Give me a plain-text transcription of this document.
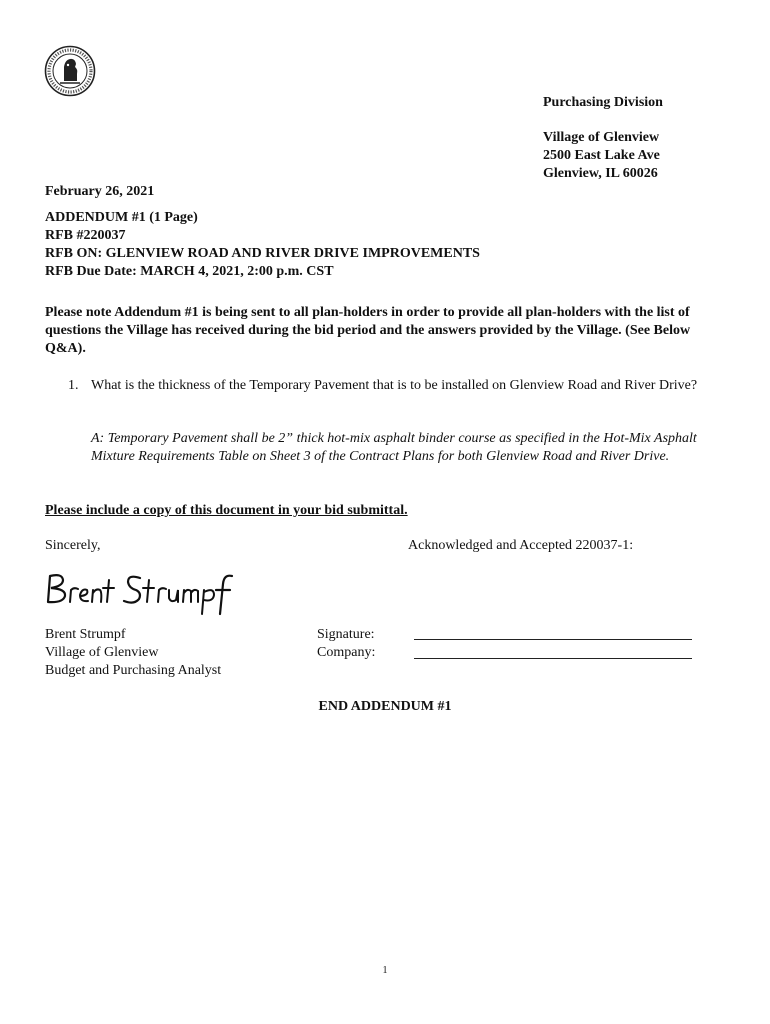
Purchasing Division
Village of Glenview
2500 East Lake Ave
Glenview, IL 60026
February 26, 2021
ADDENDUM #1 (1 Page)
RFB #220037
RFB ON: GLENVIEW ROAD AND RIVER DRIVE IMPROVEMENTS
RFB Due Date: MARCH 4, 2021, 2:00 p.m. CST
Please note Addendum #1 is being sent to all plan-holders in order to provide all plan-holders with the list of questions the Village has received during the bid period and the answers provided by the Village. (See Below Q&A).
1. What is the thickness of the Temporary Pavement that is to be installed on Glenview Road and River Drive?
A: Temporary Pavement shall be 2” thick hot-mix asphalt binder course as specified in the Hot-Mix Asphalt Mixture Requirements Table on Sheet 3 of the Contract Plans for both Glenview Road and River Drive.
Please include a copy of this document in your bid submittal.
Sincerely,	Acknowledged and Accepted 220037-1:
Brent Strumpf
Village of Glenview
Budget and Purchasing Analyst
Signature:
Company:
END ADDENDUM #1
1
